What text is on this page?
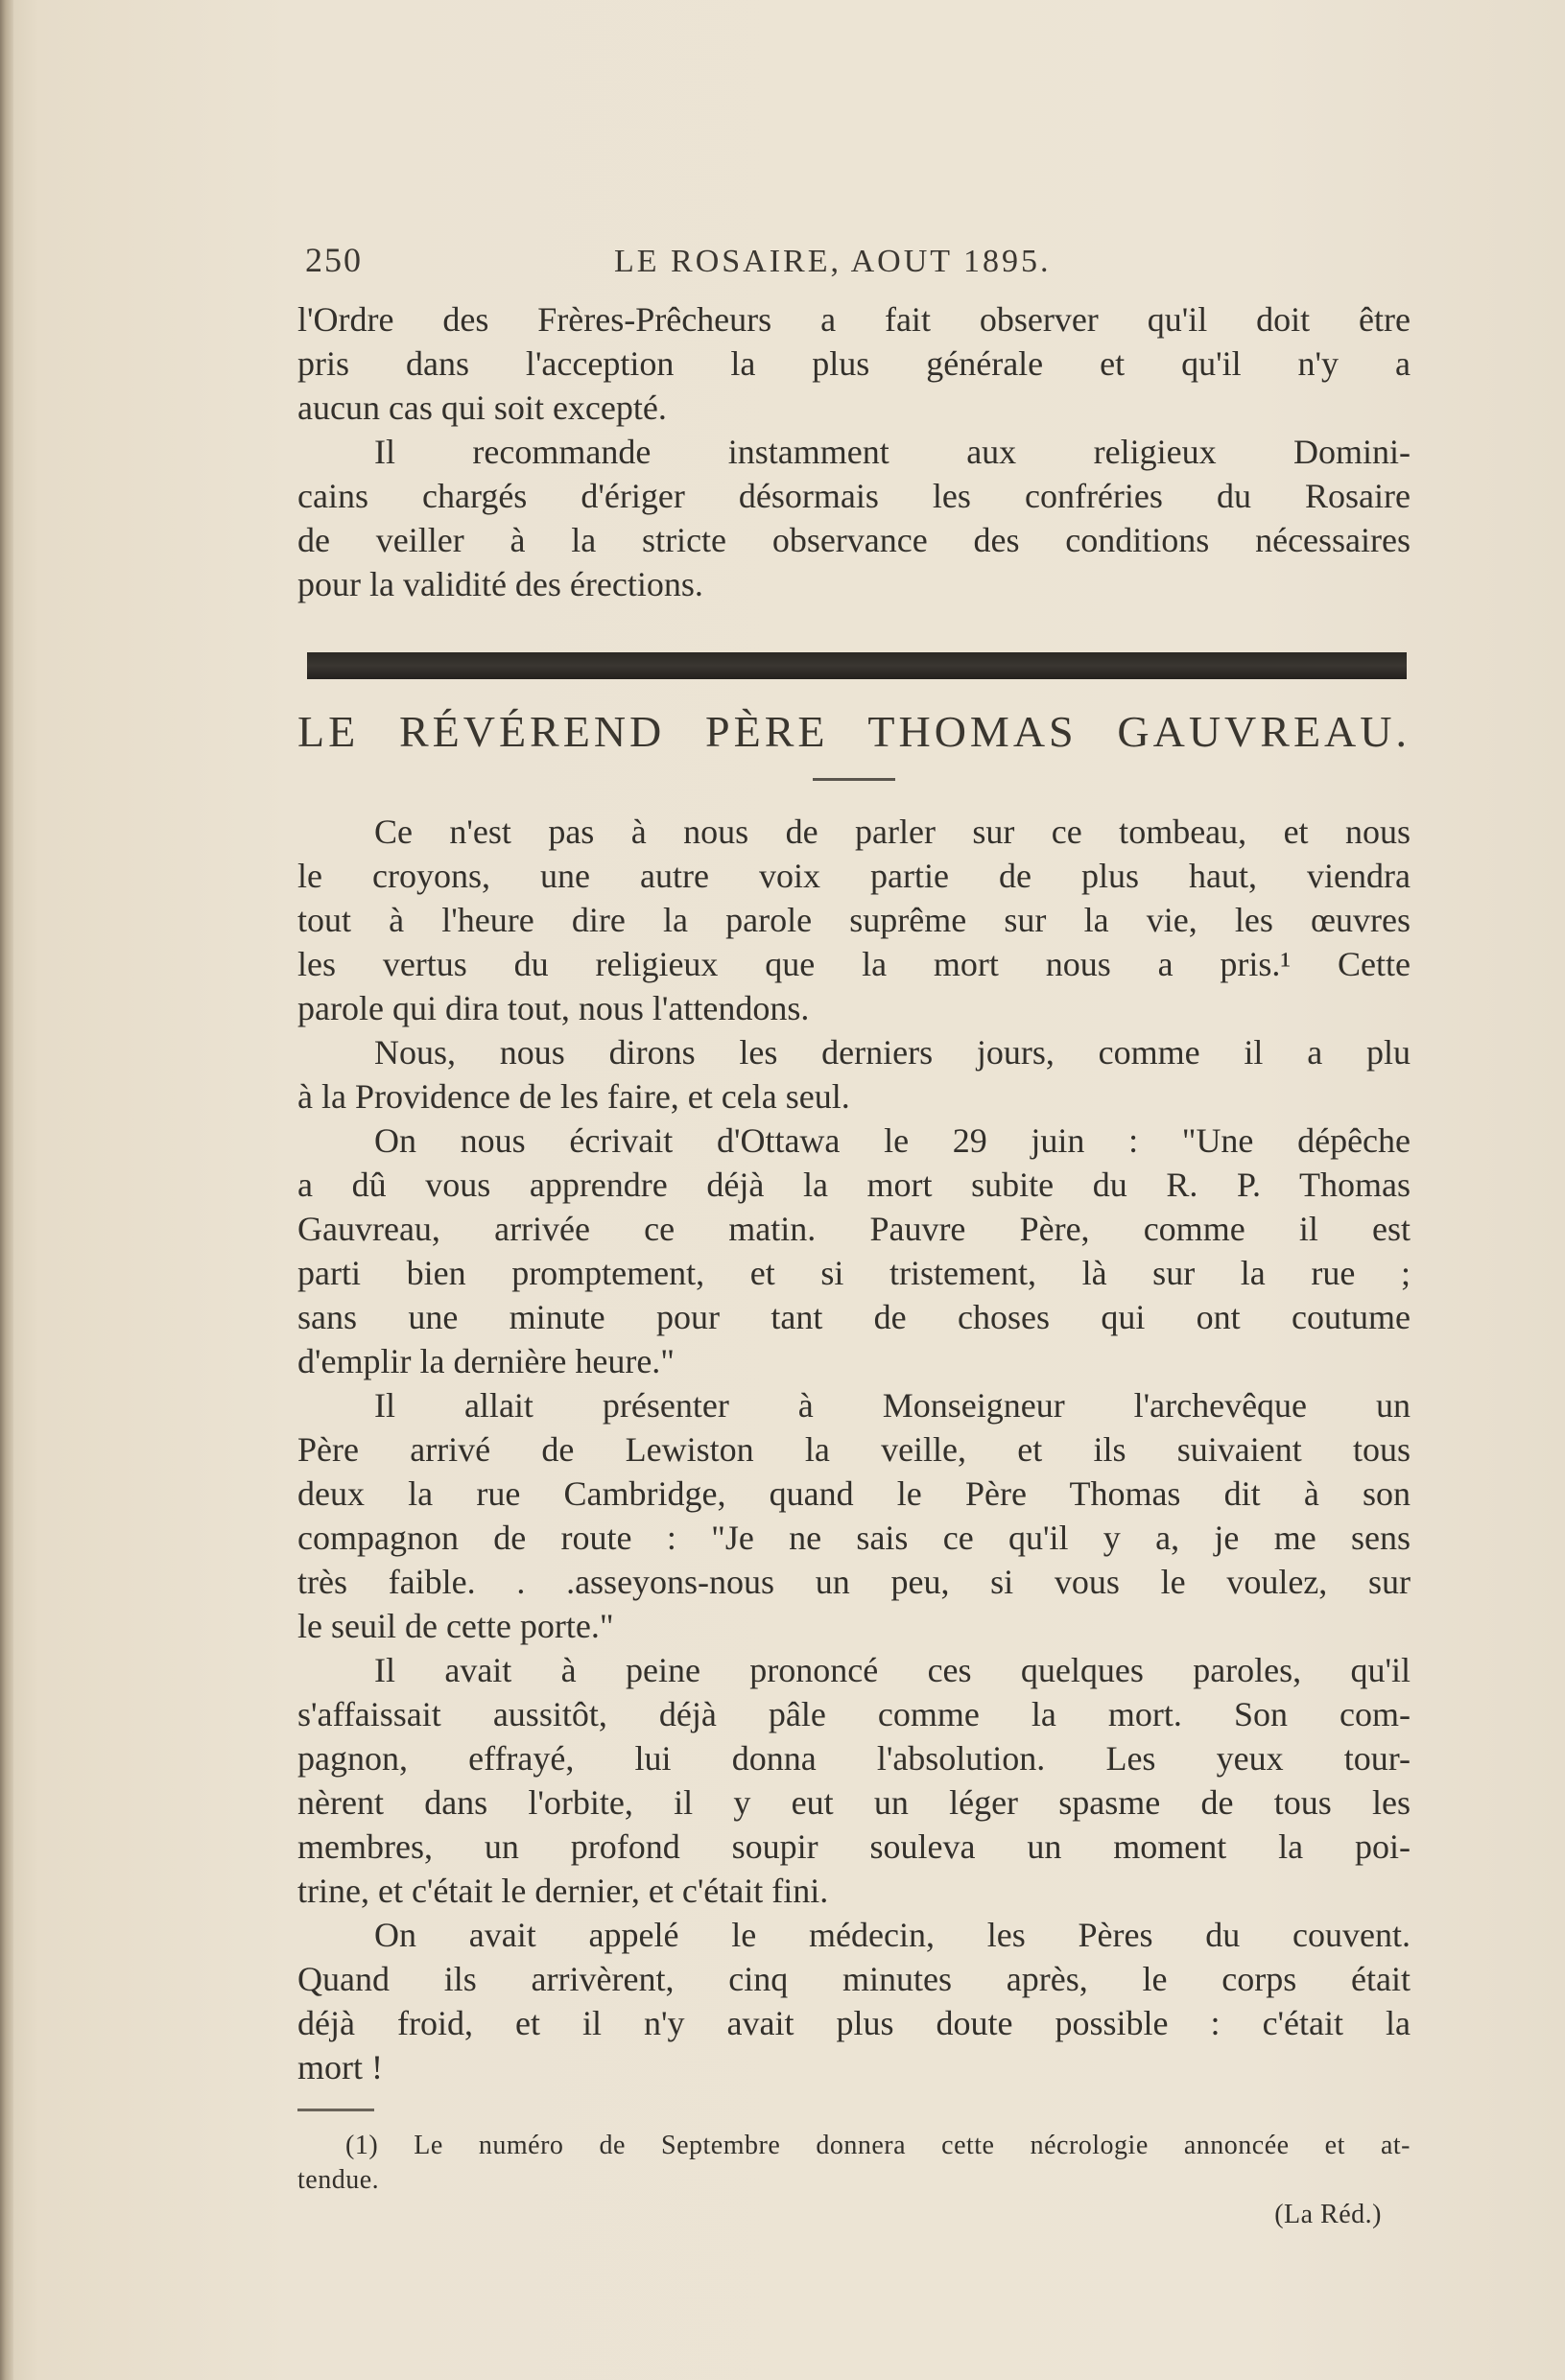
250	LE ROSAIRE, AOUT 1895.

l'Ordre des Frères-Prêcheurs a fait observer qu'il doit être
pris dans l'acception la plus générale et qu'il n'y a

aucun cas qui soit excepté.

Il recommande instamment aux religieux Domini-
cains chargés d'ériger désormais les confréries du Rosaire
de veiller à la stricte observance des conditions nécessaires

pour la validité des érections.

LE RÉVÉREND PÈRE THOMAS GAUVREAU.

Ce n'est pas à nous de parler sur ce tombeau, et nous
le croyons, une autre voix partie de plus haut, viendra
tout à l'heure dire la parole suprême sur la vie, les œuvres
les vertus du religieux que la mort nous a pris.¹ Cette

parole qui dira tout, nous l'attendons.

Nous, nous dirons les derniers jours, comme il a plu

à la Providence de les faire, et cela seul.

On nous écrivait d'Ottawa le 29 juin : "Une dépêche
a dû vous apprendre déjà la mort subite du R. P. Thomas
Gauvreau, arrivée ce matin. Pauvre Père, comme il est
parti bien promptement, et si tristement, là sur la rue ;
sans une minute pour tant de choses qui ont coutume

d'emplir la dernière heure."

Il allait présenter à Monseigneur l'archevêque un
Père arrivé de Lewiston la veille, et ils suivaient tous
deux la rue Cambridge, quand le Père Thomas dit à son
compagnon de route : "Je ne sais ce qu'il y a, je me sens
très faible. . .asseyons-nous un peu, si vous le voulez, sur

le seuil de cette porte."

Il avait à peine prononcé ces quelques paroles, qu'il
s'affaissait aussitôt, déjà pâle comme la mort. Son com-
pagnon, effrayé, lui donna l'absolution. Les yeux tour-
nèrent dans l'orbite, il y eut un léger spasme de tous les
membres, un profond soupir souleva un moment la poi-

trine, et c'était le dernier, et c'était fini.

On avait appelé le médecin, les Pères du couvent.
Quand ils arrivèrent, cinq minutes après, le corps était
déjà froid, et il n'y avait plus doute possible : c'était la

mort !

(1) Le numéro de Septembre donnera cette nécrologie annoncée et at-

tendue.

(La Réd.)
